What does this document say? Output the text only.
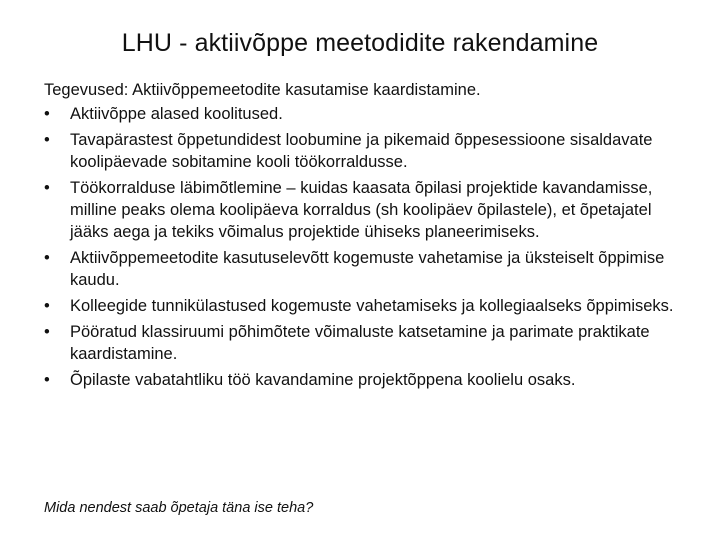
LHU - aktiivõppe meetodidite rakendamine
Tegevused: Aktiivõppemeetodite kasutamise kaardistamine.
•	Aktiivõppe alased koolitused.
•	Tavapärastest õppetundidest loobumine ja pikemaid õppesessioone sisaldavate koolipäevade sobitamine kooli töökorraldusse.
•	Töökorralduse läbimõtlemine – kuidas kaasata õpilasi projektide kavandamisse, milline peaks olema koolipäeva korraldus (sh koolipäev õpilastele), et õpetajatel jääks aega ja tekiks võimalus projektide ühiseks planeerimiseks.
•	Aktiivõppemeetodite kasutuselevõtt kogemuste vahetamise ja üksteiselt õppimise kaudu.
•	Kolleegide tunnikülastused kogemuste vahetamiseks ja kollegiaalseks õppimiseks.
•	Pööratud klassiruumi põhimõtete võimaluste katsetamine ja parimate praktikate kaardistamine.
•	Õpilaste vabatahtliku töö kavandamine projektõppena koolielu osaks.
Mida nendest saab õpetaja täna ise teha?
